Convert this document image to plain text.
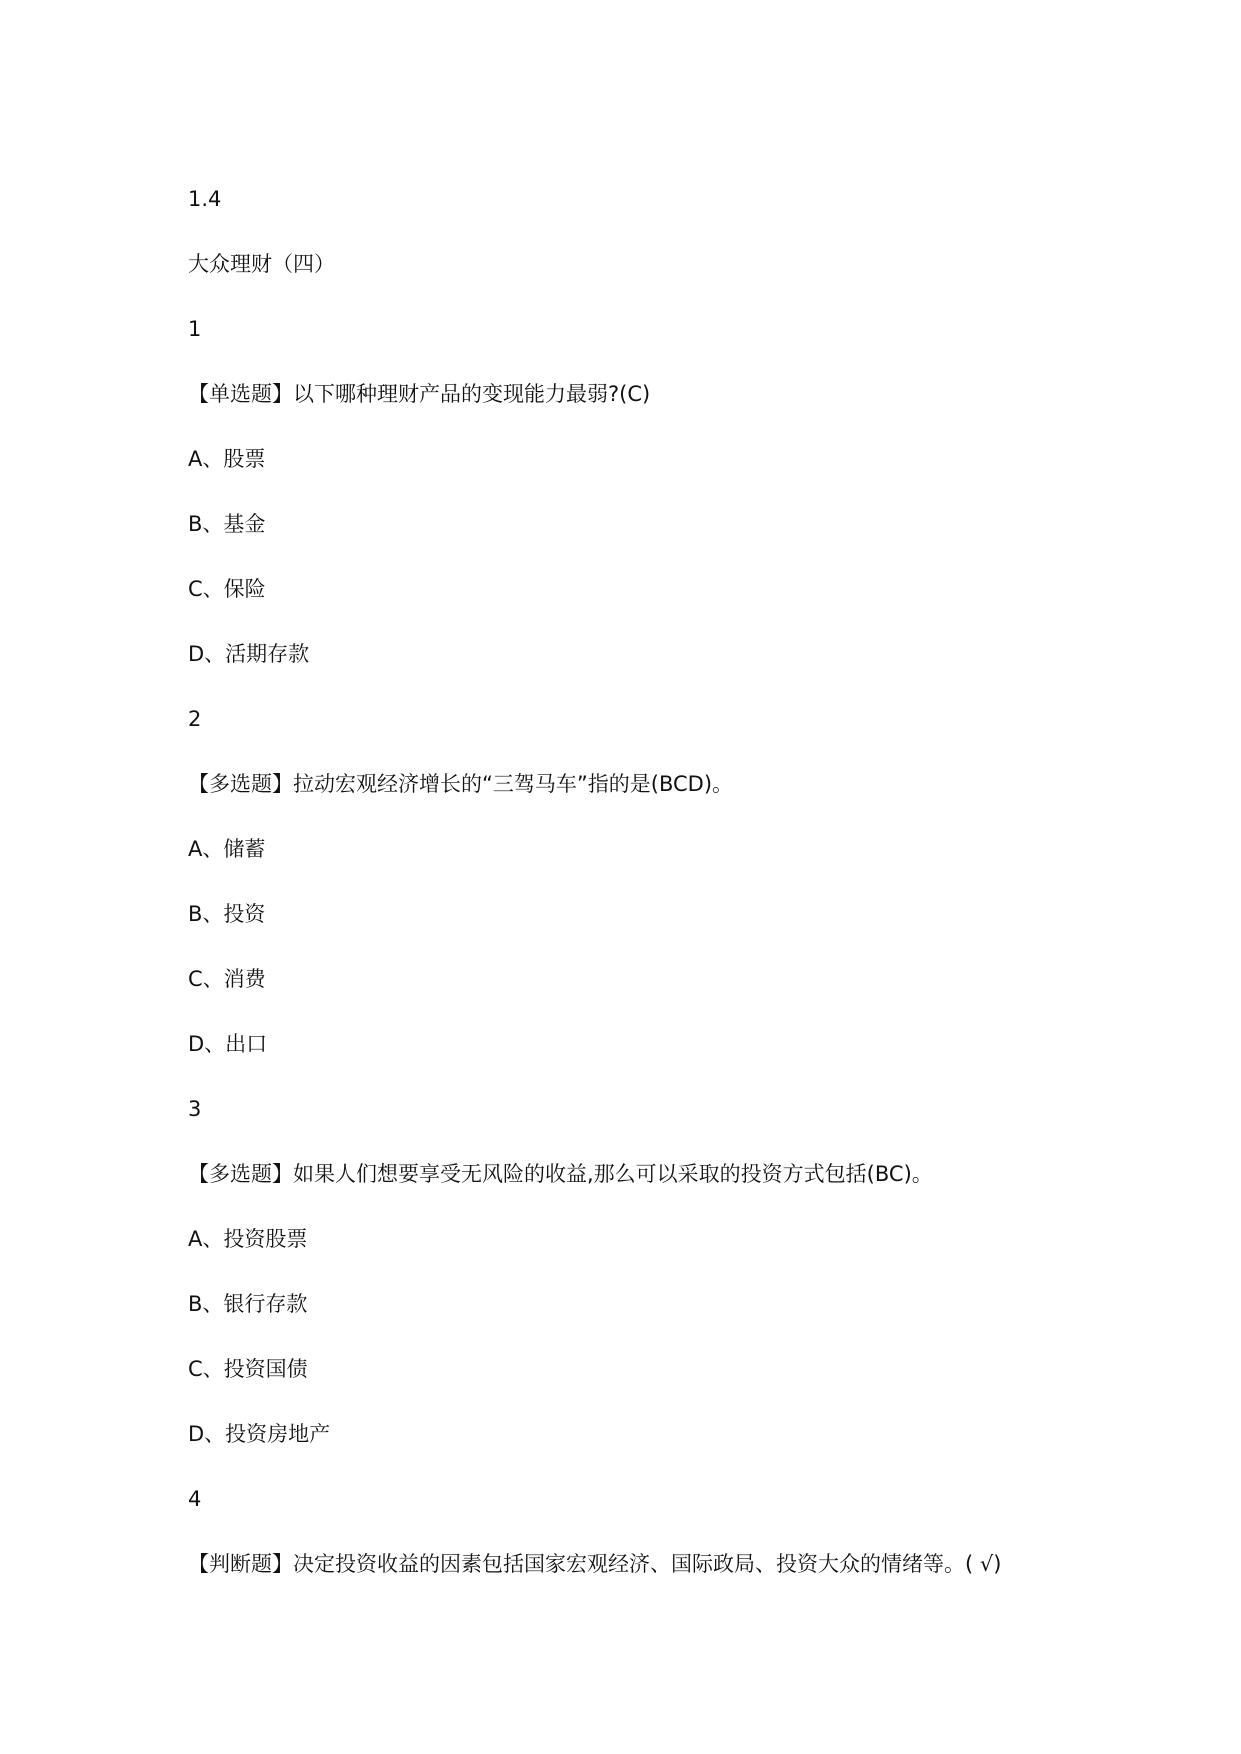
1.4
大众理财（四）
1
【单选题】以下哪种理财产品的变现能力最弱?(C)
A、股票
B、基金
C、保险
D、活期存款
2
【多选题】拉动宏观经济增长的“三驾马车”指的是(BCD)。
A、储蓄
B、投资
C、消费
D、出口
3
【多选题】如果人们想要享受无风险的收益,那么可以采取的投资方式包括(BC)。
A、投资股票
B、银行存款
C、投资国债
D、投资房地产
4
【判断题】决定投资收益的因素包括国家宏观经济、国际政局、投资大众的情绪等。( √)
